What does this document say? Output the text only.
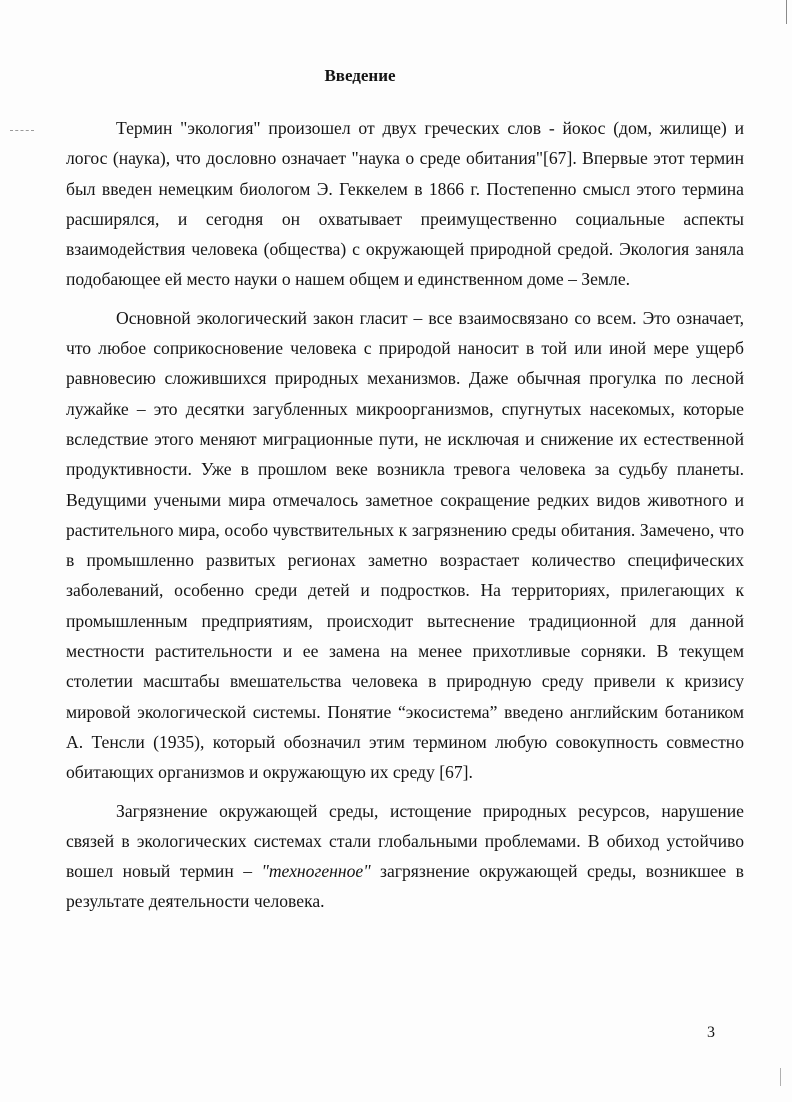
Введение

Термин "экология" произошел от двух греческих слов - йокос (дом, жилище) и логос (наука), что дословно означает "наука о среде обитания"[67]. Впервые этот термин был введен немецким биологом Э. Геккелем в 1866 г. Постепенно смысл этого термина расширялся, и сегодня он охватывает преимущественно социальные аспекты взаимодействия человека (общества) с окружающей природной средой. Экология заняла подобающее ей место науки о нашем общем и единственном доме – Земле.

Основной экологический закон гласит – все взаимосвязано со всем. Это означает, что любое соприкосновение человека с природой наносит в той или иной мере ущерб равновесию сложившихся природных механизмов. Даже обычная прогулка по лесной лужайке – это десятки загубленных микроорганизмов, спугнутых насекомых, которые вследствие этого меняют миграционные пути, не исключая и снижение их естественной продуктивности. Уже в прошлом веке возникла тревога человека за судьбу планеты. Ведущими учеными мира отмечалось заметное сокращение редких видов животного и растительного мира, особо чувствительных к загрязнению среды обитания. Замечено, что в промышленно развитых регионах заметно возрастает количество специфических заболеваний, особенно среди детей и подростков. На территориях, прилегающих к промышленным предприятиям, происходит вытеснение традиционной для данной местности растительности и ее замена на менее прихотливые сорняки. В текущем столетии масштабы вмешательства человека в природную среду привели к кризису мировой экологической системы. Понятие “экосистема” введено английским ботаником А. Тенсли (1935), который обозначил этим термином любую совокупность совместно обитающих организмов и окружающую их среду [67].

Загрязнение окружающей среды, истощение природных ресурсов, нарушение связей в экологических системах стали глобальными проблемами. В обиход устойчиво вошел новый термин – "техногенное" загрязнение окружающей среды, возникшее в результате деятельности человека.

3
